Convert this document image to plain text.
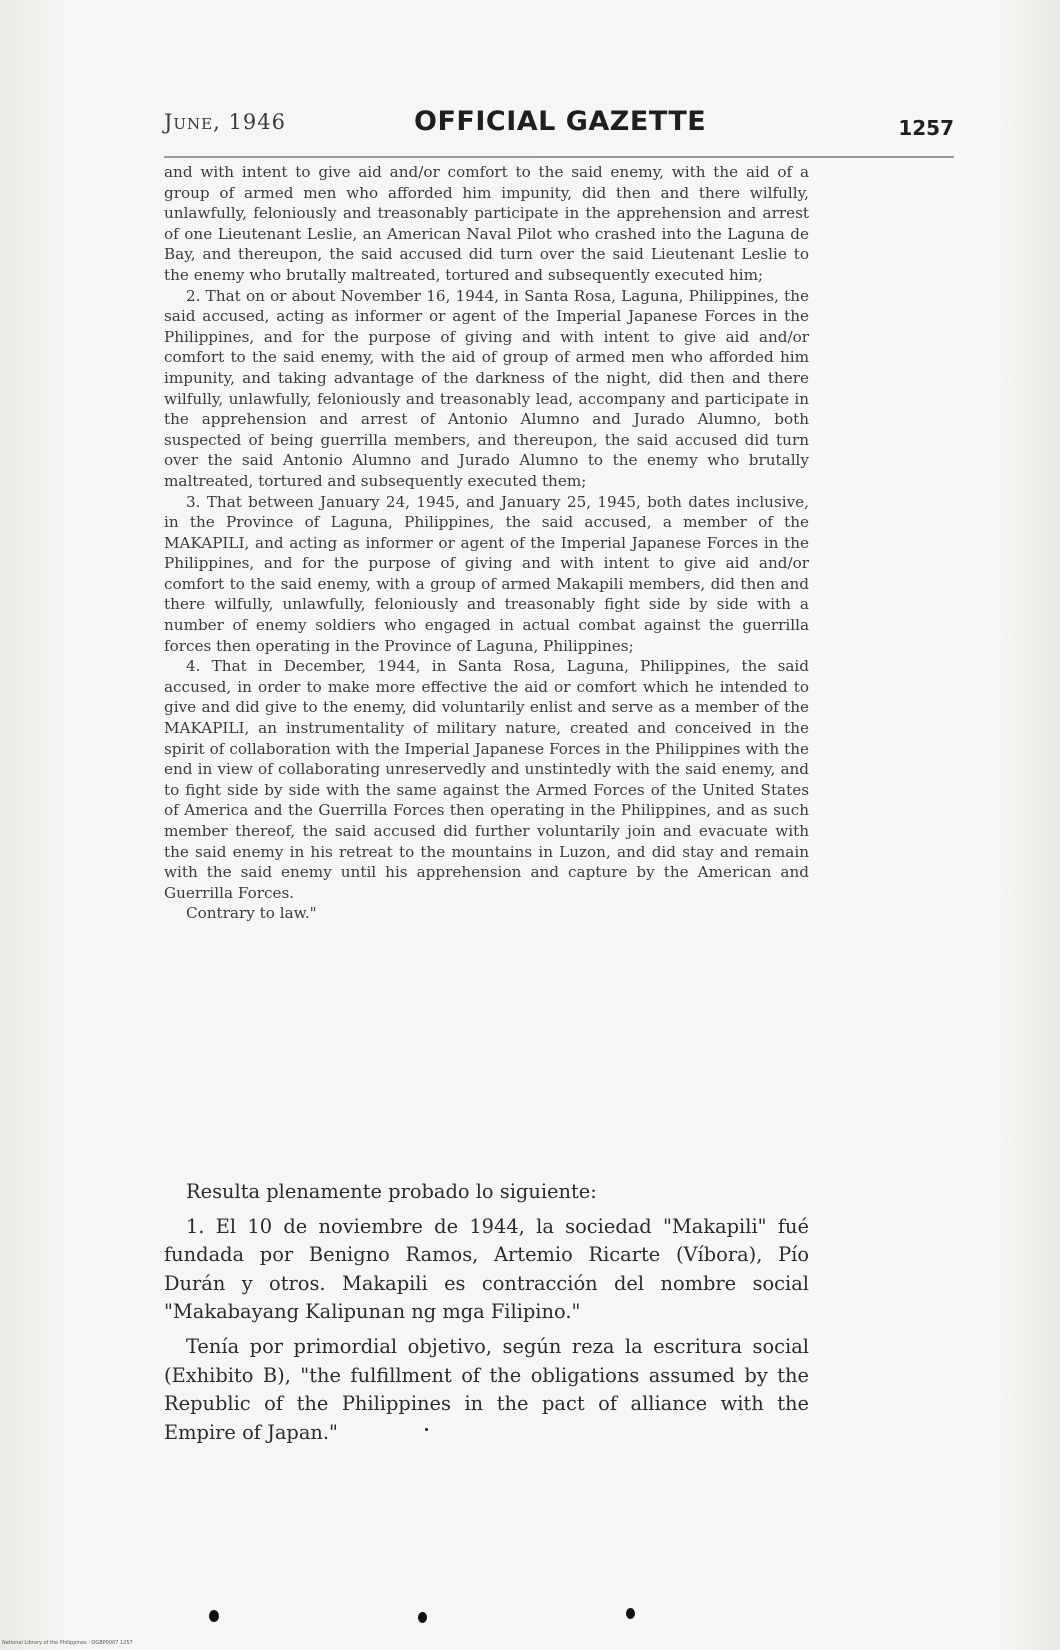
June, 1946	OFFICIAL GAZETTE	1257

and with intent to give aid and/or comfort to the said enemy, with the aid of a group of armed men who afforded him impunity, did then and there wilfully, unlawfully, feloniously and treasonably participate in the apprehension and arrest of one Lieutenant Leslie, an American Naval Pilot who crashed into the Laguna de Bay, and thereupon, the said accused did turn over the said Lieutenant Leslie to the enemy who brutally maltreated, tortured and subsequently executed him;

2. That on or about November 16, 1944, in Santa Rosa, Laguna, Philippines, the said accused, acting as informer or agent of the Imperial Japanese Forces in the Philippines, and for the purpose of giving and with intent to give aid and/or comfort to the said enemy, with the aid of group of armed men who afforded him impunity, and taking advantage of the darkness of the night, did then and there wilfully, unlawfully, feloniously and treasonably lead, accompany and participate in the apprehension and arrest of Antonio Alumno and Jurado Alumno, both suspected of being guerrilla members, and thereupon, the said accused did turn over the said Antonio Alumno and Jurado Alumno to the enemy who brutally maltreated, tortured and subsequently executed them;

3. That between January 24, 1945, and January 25, 1945, both dates inclusive, in the Province of Laguna, Philippines, the said accused, a member of the MAKAPILI, and acting as informer or agent of the Imperial Japanese Forces in the Philippines, and for the purpose of giving and with intent to give aid and/or comfort to the said enemy, with a group of armed Makapili members, did then and there wilfully, unlawfully, feloniously and treasonably fight side by side with a number of enemy soldiers who engaged in actual combat against the guerrilla forces then operating in the Province of Laguna, Philippines;

4. That in December, 1944, in Santa Rosa, Laguna, Philippines, the said accused, in order to make more effective the aid or comfort which he intended to give and did give to the enemy, did voluntarily enlist and serve as a member of the MAKAPILI, an instrumentality of military nature, created and conceived in the spirit of collaboration with the Imperial Japanese Forces in the Philippines with the end in view of collaborating unreservedly and unstintedly with the said enemy, and to fight side by side with the same against the Armed Forces of the United States of America and the Guerrilla Forces then operating in the Philippines, and as such member thereof, the said accused did further voluntarily join and evacuate with the said enemy in his retreat to the mountains in Luzon, and did stay and remain with the said enemy until his apprehension and capture by the American and Guerrilla Forces.

Contrary to law."

Resulta plenamente probado lo siguiente:

1. El 10 de noviembre de 1944, la sociedad "Makapili" fué fundada por Benigno Ramos, Artemio Ricarte (Víbora), Pío Durán y otros. Makapili es contracción del nombre social "Makabayang Kalipunan ng mga Filipino."

Tenía por primordial objetivo, según reza la escritura social (Exhibito B), "the fulfillment of the obligations assumed by the Republic of the Philippines in the pact of alliance with the Empire of Japan."

National Library of the Philippines · OGBP0007 1257
